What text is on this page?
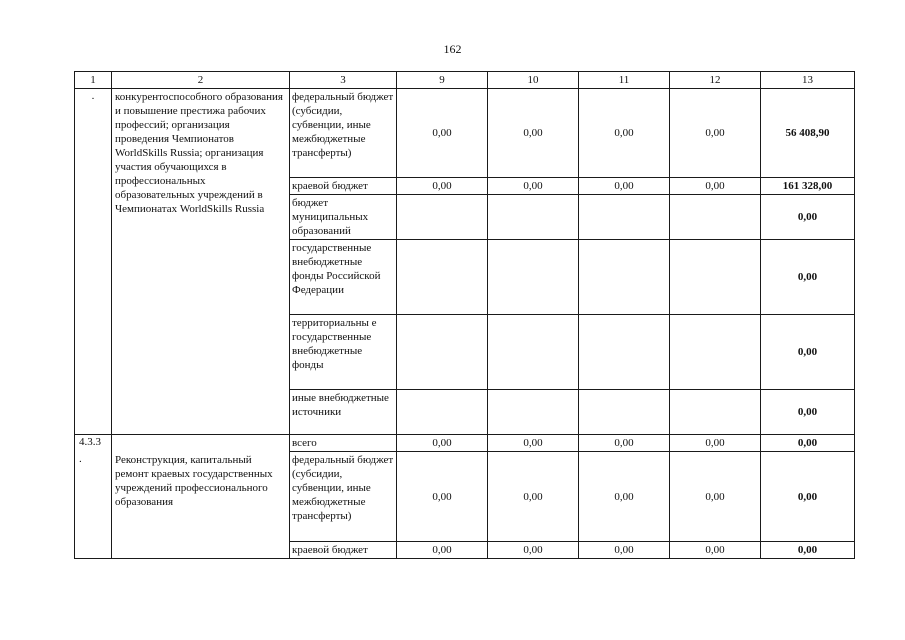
162
1	2	3	9	10	11	12	13
.	конкурентоспособного образования и повышение престижа рабочих профессий; организация проведения Чемпионатов WorldSkills Russia; организация участия обучающихся в профессиональных образовательных учреждений в Чемпионатах WorldSkills Russia	федеральный бюджет (субсидии, субвенции, иные межбюджетные трансферты)	0,00	0,00	0,00	0,00	56 408,90
		краевой бюджет	0,00	0,00	0,00	0,00	161 328,00
		бюджет муниципальных образований					0,00
		государственные внебюджетные фонды Российской Федерации					0,00
		территориальны е государственные внебюджетные фонды					0,00
		иные внебюджетные источники					0,00

4.3.3
.	Реконструкция, капитальный ремонт краевых государственных учреждений профессионального образования	всего	0,00	0,00	0,00	0,00	0,00
		федеральный бюджет (субсидии, субвенции, иные межбюджетные трансферты)	0,00	0,00	0,00	0,00	0,00
		краевой бюджет	0,00	0,00	0,00	0,00	0,00
